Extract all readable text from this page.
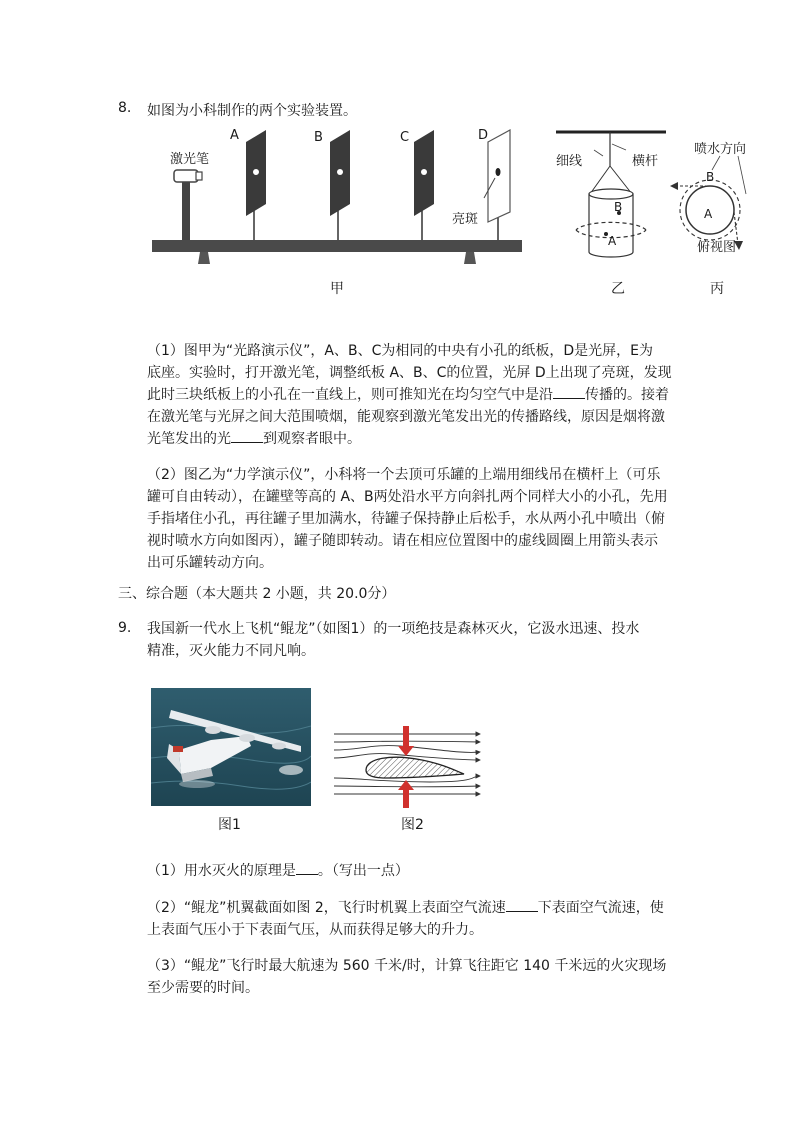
8. 如图为小科制作的两个实验装置。
激光笔
A	B	C	D
亮斑
细线	横杆
B
A
喷水方向
B
A
俯视图
甲	乙	丙
（1）图甲为“光路演示仪”，A、B、C为相同的中央有小孔的纸板，D是光屏，E为
底座。实验时，打开激光笔，调整纸板 A、B、C的位置，光屏 D上出现了亮斑，发现
此时三块纸板上的小孔在一直线上，则可推知光在均匀空气中是沿 传播的。接着
在激光笔与光屏之间大范围喷烟，能观察到激光笔发出光的传播路线，原因是烟将激
光笔发出的光 到观察者眼中。
（2）图乙为“力学演示仪”，小科将一个去顶可乐罐的上端用细线吊在横杆上（可乐
罐可自由转动），在罐壁等高的 A、B两处沿水平方向斜扎两个同样大小的小孔，先用
手指堵住小孔，再往罐子里加满水，待罐子保持静止后松手，水从两小孔中喷出（俯
视时喷水方向如图丙），罐子随即转动。请在相应位置图中的虚线圆圈上用箭头表示
出可乐罐转动方向。
三、综合题（本大题共 2 小题，共 20.0分）
9. 我国新一代水上飞机“鲲龙”（如图1）的一项绝技是森林灭火，它汲水迅速、投水
精准，灭火能力不同凡响。
图1	图2
（1）用水灭火的原理是 。（写出一点）
（2）“鲲龙”机翼截面如图 2，飞行时机翼上表面空气流速 下表面空气流速，使
上表面气压小于下表面气压，从而获得足够大的升力。
（3）“鲲龙”飞行时最大航速为 560 千米/时，计算飞往距它 140 千米远的火灾现场
至少需要的时间。
